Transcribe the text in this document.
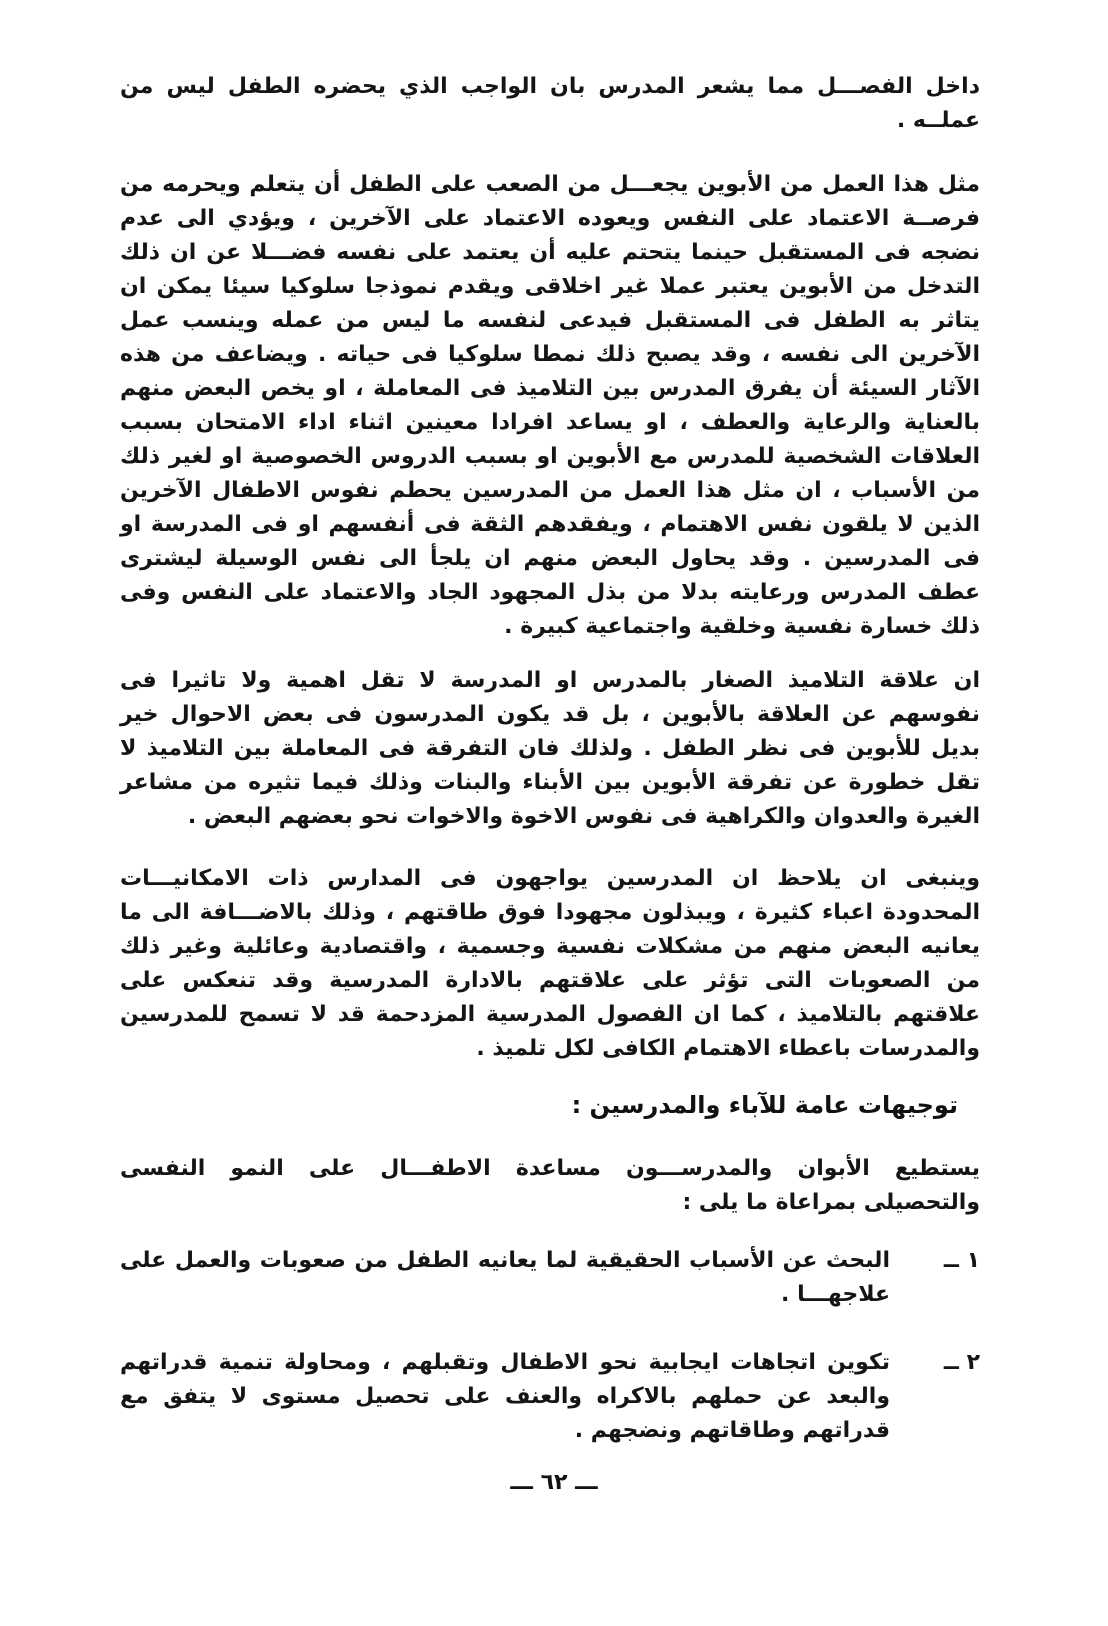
داخل الفصـــل مما يشعر المدرس بان الواجب الذي يحضره الطفل ليس من عملــه .

مثل هذا العمل من الأبوين يجعـــل من الصعب على الطفل أن يتعلم ويحرمه من فرصــة الاعتماد على النفس ويعوده الاعتماد على الآخرين ، ويؤدي الى عدم نضجه فى المستقبل حينما يتحتم عليه أن يعتمد على نفسه فضـــلا عن ان ذلك التدخل من الأبوين يعتبر عملا غير اخلاقى ويقدم نموذجا سلوكيا سيئا يمكن ان يتاثر به الطفل فى المستقبل فيدعى لنفسه ما ليس من عمله وينسب عمل الآخرين الى نفسه ، وقد يصبح ذلك نمطا سلوكيا فى حياته . ويضاعف من هذه الآثار السيئة أن يفرق المدرس بين التلاميذ فى المعاملة ، او يخص البعض منهم بالعناية والرعاية والعطف ، او يساعد افرادا معينين اثناء اداء الامتحان بسبب العلاقات الشخصية للمدرس مع الأبوين او بسبب الدروس الخصوصية او لغير ذلك من الأسباب ، ان مثل هذا العمل من المدرسين يحطم نفوس الاطفال الآخرين الذين لا يلقون نفس الاهتمام ، ويفقدهم الثقة فى أنفسهم او فى المدرسة او فى المدرسين . وقد يحاول البعض منهم ان يلجأ الى نفس الوسيلة ليشترى عطف المدرس ورعايته بدلا من بذل المجهود الجاد والاعتماد على النفس وفى ذلك خسارة نفسية وخلقية واجتماعية كبيرة .

ان علاقة التلاميذ الصغار بالمدرس او المدرسة لا تقل اهمية ولا تاثيرا فى نفوسهم عن العلاقة بالأبوين ، بل قد يكون المدرسون فى بعض الاحوال خير بديل للأبوين فى نظر الطفل . ولذلك فان التفرقة فى المعاملة بين التلاميذ لا تقل خطورة عن تفرقة الأبوين بين الأبناء والبنات وذلك فيما تثيره من مشاعر الغيرة والعدوان والكراهية فى نفوس الاخوة والاخوات نحو بعضهم البعض .

وينبغى ان يلاحظ ان المدرسين يواجهون فى المدارس ذات الامكانيـــات المحدودة اعباء كثيرة ، ويبذلون مجهودا فوق طاقتهم ، وذلك بالاضـــافة الى ما يعانيه البعض منهم من مشكلات نفسية وجسمية ، واقتصادية وعائلية وغير ذلك من الصعوبات التى تؤثر على علاقتهم بالادارة المدرسية وقد تنعكس على علاقتهم بالتلاميذ ، كما ان الفصول المدرسية المزدحمة قد لا تسمح للمدرسين والمدرسات باعطاء الاهتمام الكافى لكل تلميذ .

توجيهات عامة للآباء والمدرسين :

يستطيع الأبوان والمدرســـون مساعدة الاطفـــال على النمو النفسى والتحصيلى بمراعاة ما يلى :

١ ــ
البحث عن الأسباب الحقيقية لما يعانيه الطفل من صعوبات والعمل على علاجهـــا .
٢ ــ
تكوين اتجاهات ايجابية نحو الاطفال وتقبلهم ، ومحاولة تنمية قدراتهم والبعد عن حملهم بالاكراه والعنف على تحصيل مستوى لا يتفق مع قدراتهم وطاقاتهم ونضجهم .
ـــ ٦٢ ـــ
